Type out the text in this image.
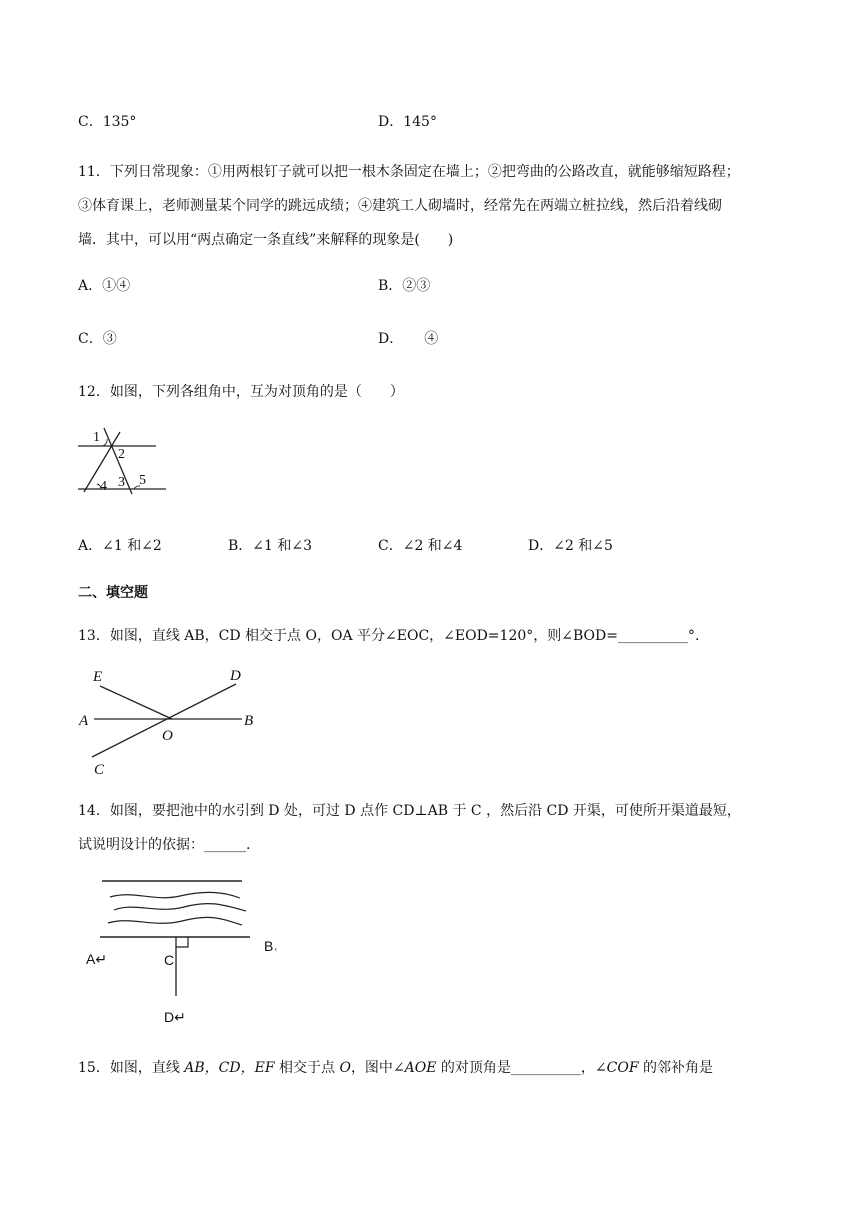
C．135°	D．145°
11．下列日常现象：①用两根钉子就可以把一根木条固定在墙上；②把弯曲的公路改直，就能够缩短路程；
③体育课上，老师测量某个同学的跳远成绩；④建筑工人砌墙时，经常先在两端立桩拉线，然后沿着线砌
墙．其中，可以用“两点确定一条直线”来解释的现象是(　　)
A．①④	B．②③
C．③	D．　　④
12．如图，下列各组角中，互为对顶角的是（　　）
1
2
3
4 5
A．∠1 和∠2	B．∠1 和∠3	C．∠2 和∠4	D．∠2 和∠5
二、填空题
13．如图，直线 AB，CD 相交于点 O，OA 平分∠EOC，∠EOD=120°，则∠BOD=__________°.
E	D
A	B
O
C
14．如图，要把池中的水引到 D 处，可过 D 点作 CD⊥AB 于 C ，然后沿 CD 开渠，可使所开渠道最短，
试说明设计的依据：______.
A↵
B˓
C
D↵
15．如图，直线 AB，CD，EF 相交于点 O，图中∠AOE 的对顶角是__________，∠COF 的邻补角是
